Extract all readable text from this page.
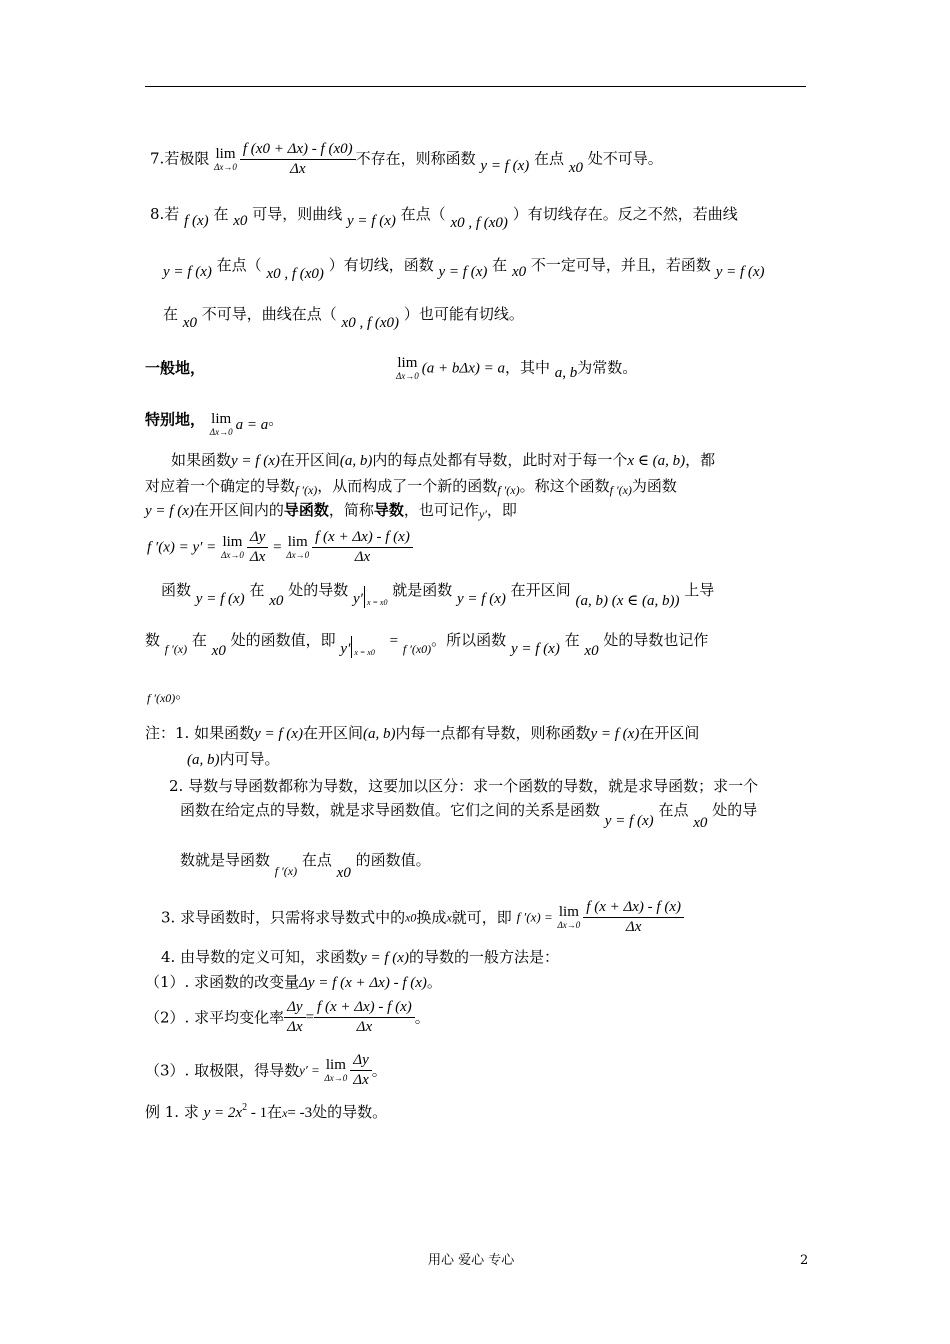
7.若极限 lim
$\Delta x\to 0 \frac{f (x0 + \Delta x) - f (x0)}{\Delta x}$ 不存在，则称函数 y = f (x) 在点 x0 处不可导。
8.若 f (x) 在 x0 可导，则曲线 y = f (x) 在点（ x0 , f (x0) ）有切线存在。反之不然，若曲线
y = f (x) 在点（ x0 , f (x0) ）有切线，函数 y = f (x) 在 x0 不一定可导，并且，若函数 y = f (x)
在 x0 不可导，曲线在点（ x0 , f (x0) ）也可能有切线。
一般地，	lim
Δx→0 (a + bΔx) = a，其中 a, b为常数。
特别地， lim
Δx→0 a = a。
如果函数y = f (x)在开区间(a, b)内的每点处都有导数，此时对于每一个x ∈ (a, b)，都
对应着一个确定的导数$_{f '(x)}$，从而构成了一个新的函数$_{f '(x)}$。称这个函数$_{f '(x)}$为函数
y = f (x)在开区间内的导函数，简称导数，也可记作$_{y'}$，即
f ′(x) = y′ = lim
$\Delta x\to 0 \frac{\Delta y}{\Delta x} = \lim$
$\Delta x\to 0 \frac{f (x + \Delta x) - f (x)}{\Delta x}$
函数 y = f (x) 在 x0 处的导数 y′ x = x0 就是函数 y = f (x) 在开区间 (a, b) (x ∈ (a, b)) 上导
数 $_{f '(x)}$ 在 x0 处的函数值，即 y′ x = x0 = $_{f '(x0)}$。所以函数 y = f (x) 在 x0 处的导数也记作
$_{f '(x0)}$。
注：1. 如果函数y = f (x)在开区间(a, b)内每一点都有导数，则称函数y = f (x)在开区间
(a, b)内可导。
2. 导数与导函数都称为导数，这要加以区分：求一个函数的导数，就是求导函数；求一个
函数在给定点的导数，就是求导函数值。它们之间的关系是函数 y = f (x) 在点 x0 处的导
数就是导函数 $_{f '(x)}$ 在点 x0 的函数值。
3. 求导函数时，只需将求导数式中的x0换成x就可，即 f ′(x) = lim
$\Delta x\to 0 \frac{f (x + \Delta x) - f (x)}{\Delta x}$
4. 由导数的定义可知，求函数y = f (x)的导数的一般方法是：
（1）. 求函数的改变量Δy = f (x + Δx) - f (x)。
（2）. 求平均变化率 $\frac{\Delta y}{\Delta x} = \frac{f (x + \Delta x) - f (x)}{\Delta x}$ 。
（3）. 取极限，得导数y′ = lim
$\Delta x\to 0 \frac{\Delta y}{\Delta x}$ 。
例 1. 求 $y = 2x^2 - 1$在x= -3处的导数。
用心 爱心 专心	2
